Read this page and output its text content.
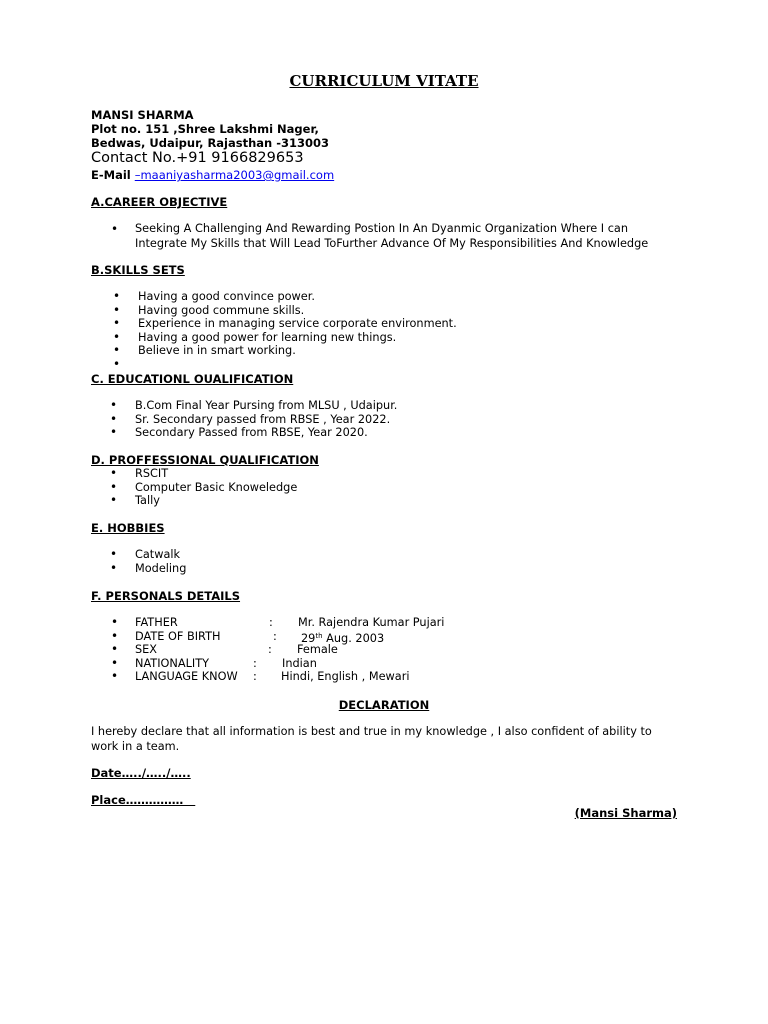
CURRICULUM VITATE
MANSI SHARMA
Plot no. 151 ,Shree Lakshmi Nager,
Bedwas, Udaipur, Rajasthan -313003
Contact No.+91 9166829653
E-Mail –maaniyasharma2003@gmail.com
A.CAREER OBJECTIVE
• Seeking A Challenging And Rewarding Postion In An Dyanmic Organization Where I can
Integrate My Skills that Will Lead ToFurther Advance Of My Responsibilities And Knowledge
B.SKILLS SETS
• Having a good convince power.
• Having good commune skills.
• Experience in managing service corporate environment.
• Having a good power for learning new things.
• Believe in in smart working.
•
C. EDUCATIONL OUALIFICATION
• B.Com Final Year Pursing from MLSU , Udaipur.
• Sr. Secondary passed from RBSE , Year 2022.
• Secondary Passed from RBSE, Year 2020.
D. PROFFESSIONAL QUALIFICATION
• RSCIT
• Computer Basic Knoweledge
• Tally
E. HOBBIES
• Catwalk
• Modeling
F. PERSONALS DETAILS
• FATHER	: Mr. Rajendra Kumar Pujari
• DATE OF BIRTH	: 29th Aug. 2003
• SEX	: Female
• NATIONALITY	: Indian
• LANGUAGE KNOW : Hindi, English , Mewari
DECLARATION
I hereby declare that all information is best and true in my knowledge , I also confident of ability to work in a team.
Date…../…../…..
Place……………
(Mansi Sharma)
